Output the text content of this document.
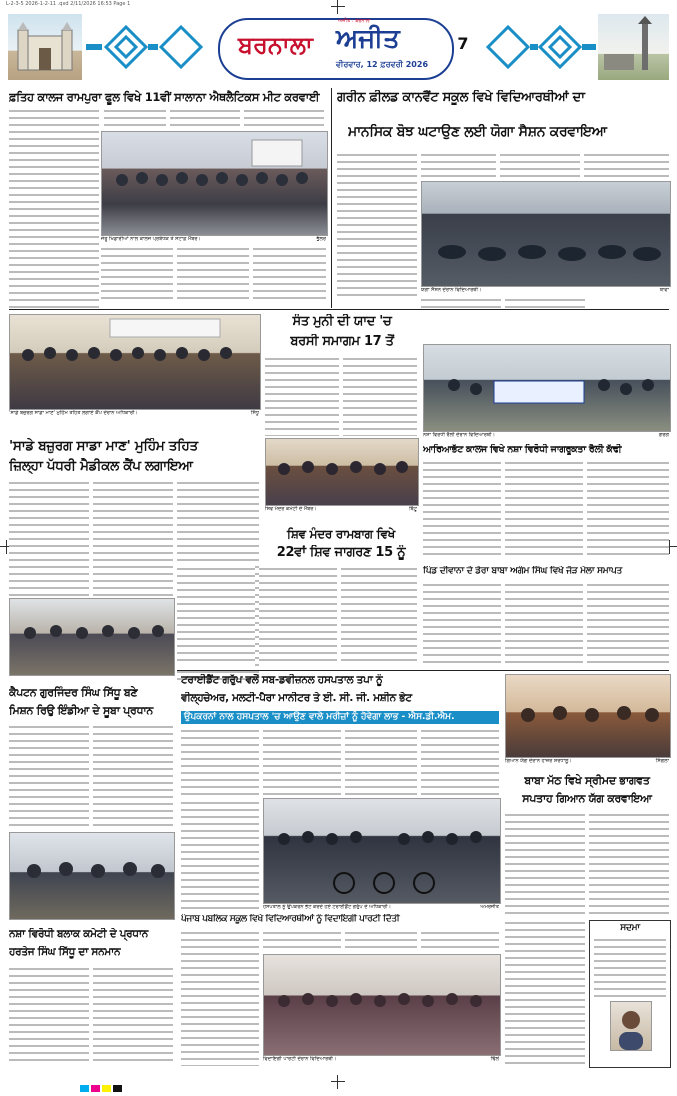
L-2-3-5 2026-1-2-11 .qxd 2/11/2026 16:53 Page 1
ਬਰਨਾਲਾ ਅਜੀਤ
ਅਜੀਤ : ਬਰਨਾਲਾ
ਵੀਰਵਾਰ, 12 ਫ਼ਰਵਰੀ 2026
7
ਫ਼ਤਿਹ ਕਾਲਜ ਰਾਮਪੁਰਾ ਫੂਲ ਵਿਖੇ 11ਵੀਂ ਸਾਲਾਨਾ ਐਥਲੈਟਿਕਸ ਮੀਟ ਕਰਵਾਈ
ਜੇਤੂ ਖਿਡਾਰੀਆਂ ਨਾਲ ਕਾਲਜ ਪ੍ਰਬੰਧਕ ਤੇ ਸਟਾਫ਼ ਮੈਂਬਰ।	ਭੁੱਲਰ
ਗਰੀਨ ਫ਼ੀਲਡ ਕਾਨਵੈਂਟ ਸਕੂਲ ਵਿਖੇ ਵਿਦਿਆਰਥੀਆਂ ਦਾ
ਮਾਨਸਿਕ ਬੋਝ ਘਟਾਉਣ ਲਈ ਯੋਗਾ ਸੈਸ਼ਨ ਕਰਵਾਇਆ
ਯੋਗਾ ਸੈਸ਼ਨ ਦੌਰਾਨ ਵਿਦਿਆਰਥੀ।	ਬਾਵਾ
'ਸਾਡੇ ਬਜ਼ੁਰਗ ਸਾਡਾ ਮਾਣ' ਮੁਹਿੰਮ ਤਹਿਤ ਲਗਾਏ ਕੈਂਪ ਦੌਰਾਨ ਅਧਿਕਾਰੀ।	ਸਿੱਧੂ
ਸੰਤ ਮੁਨੀ ਦੀ ਯਾਦ 'ਚ
ਬਰਸੀ ਸਮਾਗਮ 17 ਤੋਂ
ਨਸ਼ਾ ਵਿਰੋਧੀ ਰੈਲੀ ਦੌਰਾਨ ਵਿਦਿਆਰਥੀ।	ਗਰਗ
ਆਰਿਆਭੱਟ ਕਾਲਜ ਵਿਖੇ ਨਸ਼ਾ ਵਿਰੋਧੀ ਜਾਗਰੂਕਤਾ ਰੈਲੀ ਕੱਢੀ
'ਸਾਡੇ ਬਜ਼ੁਰਗ ਸਾਡਾ ਮਾਣ' ਮੁਹਿੰਮ ਤਹਿਤ
ਜ਼ਿਲ੍ਹਾ ਪੱਧਰੀ ਮੈਡੀਕਲ ਕੈਂਪ ਲਗਾਇਆ
ਸ਼ਿਵ ਮੰਦਰ ਕਮੇਟੀ ਦੇ ਮੈਂਬਰ।	ਬਿੱਟੂ
ਸ਼ਿਵ ਮੰਦਰ ਰਾਮਬਾਗ ਵਿਖੇ
22ਵਾਂ ਸ਼ਿਵ ਜਾਗਰਣ 15 ਨੂੰ
ਪਿੰਡ ਦੀਵਾਨਾ ਦੇ ਡੇਰਾ ਬਾਬਾ ਅਗੰਮ ਸਿੰਘ ਵਿਖੇ ਜੋੜ ਮੇਲਾ ਸਮਾਪਤ
ਕੈਪਟਨ ਗੁਰਜਿੰਦਰ ਸਿੰਘ ਸਿੱਧੂ ਬਣੇ
ਮਿਸ਼ਨ ਰਿਉ ਇੰਡੀਆ ਦੇ ਸੂਬਾ ਪ੍ਰਧਾਨ
ਟਰਾਈਡੈਂਟ ਗਰੁੱਪ ਵਲੋਂ ਸਬ-ਡਵੀਜ਼ਨਲ ਹਸਪਤਾਲ ਤਪਾ ਨੂੰ
ਵੀਲ੍ਹਚੇਅਰ, ਮਲਟੀ-ਪੈਰਾ ਮਾਨੀਟਰ ਤੇ ਈ. ਸੀ. ਜੀ. ਮਸ਼ੀਨ ਭੇਟ
ਉਪਕਰਨਾਂ ਨਾਲ ਹਸਪਤਾਲ 'ਚ ਆਉਣ ਵਾਲੇ ਮਰੀਜ਼ਾਂ ਨੂੰ ਹੋਵੇਗਾ ਲਾਭ - ਐਸ.ਡੀ.ਐਮ.
ਹਸਪਤਾਲ ਨੂੰ ਉਪਕਰਨ ਭੇਟ ਕਰਦੇ ਹੋਏ ਟਰਾਈਡੈਂਟ ਗਰੁੱਪ ਦੇ ਅਧਿਕਾਰੀ।	ਅਮਰਜੀਤ
ਗਿਆਨ ਯੱਗ ਦੌਰਾਨ ਹਾਜ਼ਰ ਸ਼ਰਧਾਲੂ।	ਸਿੰਗਲਾ
ਬਾਬਾ ਮੱਠ ਵਿਖੇ ਸ੍ਰੀਮਦ ਭਾਗਵਤ
ਸਪਤਾਹ ਗਿਆਨ ਯੱਗ ਕਰਵਾਇਆ
ਨਸ਼ਾ ਵਿਰੋਧੀ ਬਲਾਕ ਕਮੇਟੀ ਦੇ ਪ੍ਰਧਾਨ
ਹਰਤੇਜ ਸਿੰਘ ਸਿੱਧੂ ਦਾ ਸਨਮਾਨ
ਪੰਜਾਬ ਪਬਲਿਕ ਸਕੂਲ ਵਿਖੇ ਵਿਦਿਆਰਥੀਆਂ ਨੂੰ ਵਿਦਾਇਗੀ ਪਾਰਟੀ ਦਿੱਤੀ
ਵਿਦਾਇਗੀ ਪਾਰਟੀ ਦੌਰਾਨ ਵਿਦਿਆਰਥੀ।	ਢਿੱਲੋਂ
ਸਦਮਾ
